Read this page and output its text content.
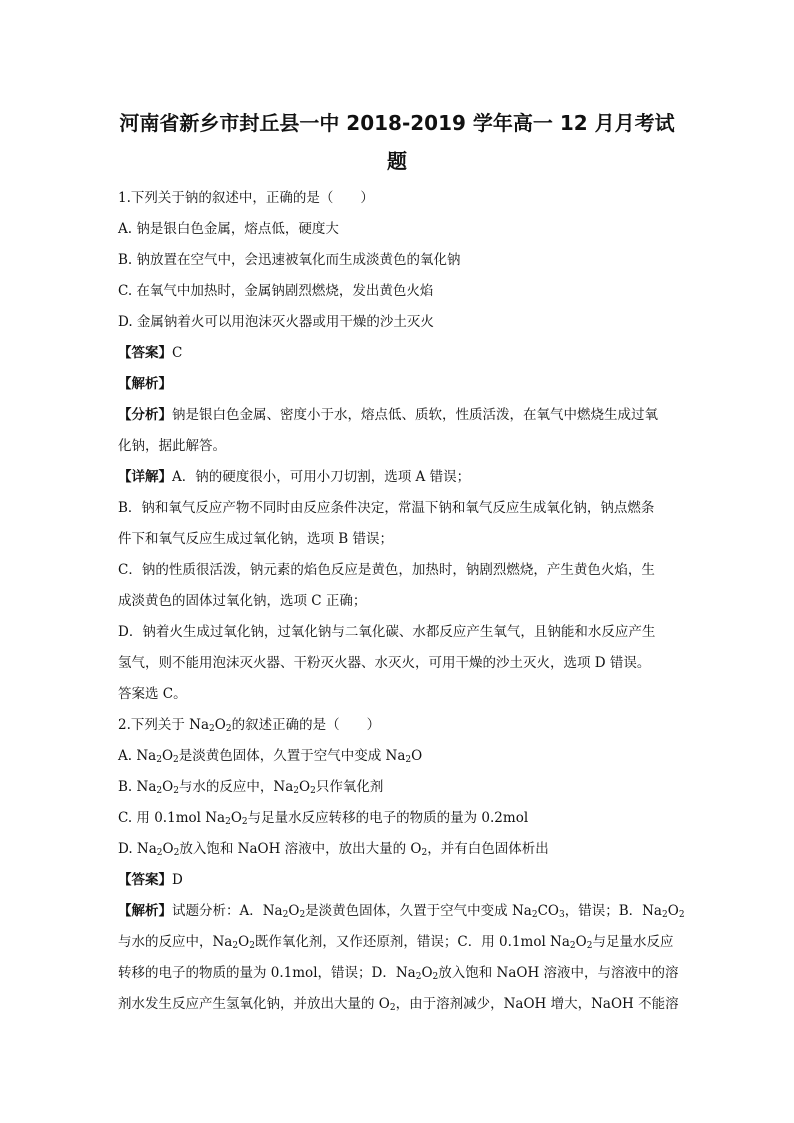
河南省新乡市封丘县一中 2018-2019 学年高一 12 月月考试
题
1.下列关于钠的叙述中，正确的是（　　）
A. 钠是银白色金属，熔点低，硬度大
B. 钠放置在空气中，会迅速被氧化而生成淡黄色的氧化钠
C. 在氧气中加热时，金属钠剧烈燃烧，发出黄色火焰
D. 金属钠着火可以用泡沫灭火器或用干燥的沙土灭火
【答案】C
【解析】
【分析】钠是银白色金属、密度小于水，熔点低、质软，性质活泼，在氧气中燃烧生成过氧
化钠，据此解答。
【详解】A．钠的硬度很小，可用小刀切割，选项 A 错误；
B．钠和氧气反应产物不同时由反应条件决定，常温下钠和氧气反应生成氧化钠，钠点燃条
件下和氧气反应生成过氧化钠，选项 B 错误；
C．钠的性质很活泼，钠元素的焰色反应是黄色，加热时，钠剧烈燃烧，产生黄色火焰，生
成淡黄色的固体过氧化钠，选项 C 正确；
D．钠着火生成过氧化钠，过氧化钠与二氧化碳、水都反应产生氧气，且钠能和水反应产生
氢气，则不能用泡沫灭火器、干粉灭火器、水灭火，可用干燥的沙土灭火，选项 D 错误。
答案选 C。
2.下列关于 $Na_2O_2$的叙述正确的是（　　）
A. $Na_2O_2$是淡黄色固体，久置于空气中变成 $Na_2O$
B. $Na_2O_2$与水的反应中，$Na_2O_2$只作氧化剂
C. 用 0.1mol $Na_2O_2$与足量水反应转移的电子的物质的量为 0.2mol
D. $Na_2O_2$放入饱和 NaOH 溶液中，放出大量的 $O_2$，并有白色固体析出
【答案】D
【解析】试题分析：A．$Na_2O_2$是淡黄色固体，久置于空气中变成 $Na_2CO_3$，错误；B．$Na_2O_2$
与水的反应中，$Na_2O_2$既作氧化剂，又作还原剂，错误；C．用 0.1mol $Na_2O_2$与足量水反应
转移的电子的物质的量为 0.1mol，错误；D．$Na_2O_2$放入饱和 NaOH 溶液中，与溶液中的溶
剂水发生反应产生氢氧化钠，并放出大量的 $O_2$，由于溶剂减少，NaOH 增大，NaOH 不能溶
